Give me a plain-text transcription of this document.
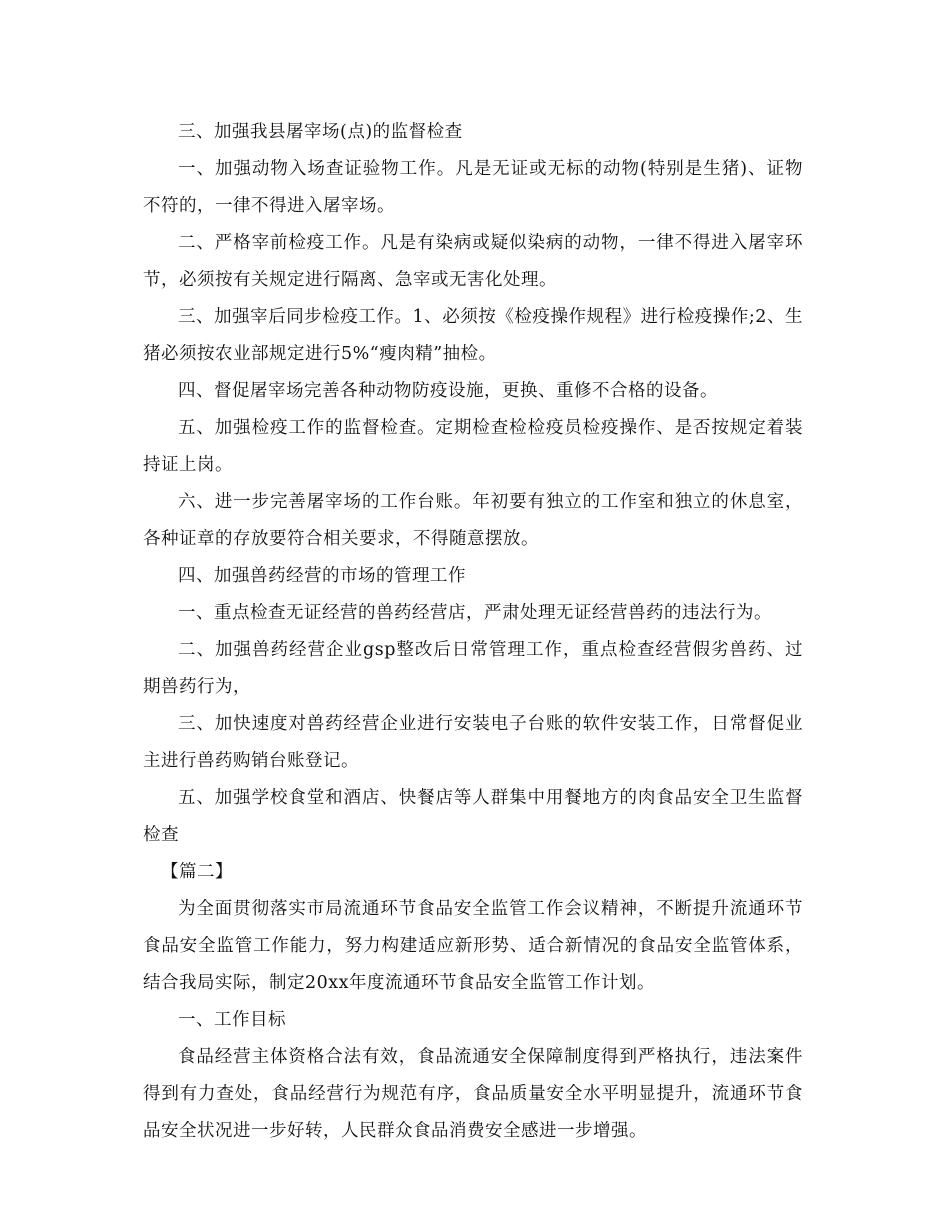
三、加强我县屠宰场(点)的监督检查

一、加强动物入场查证验物工作。凡是无证或无标的动物(特别是生猪)、证物不符的，一律不得进入屠宰场。

二、严格宰前检疫工作。凡是有染病或疑似染病的动物，一律不得进入屠宰环节，必须按有关规定进行隔离、急宰或无害化处理。

三、加强宰后同步检疫工作。1、必须按《检疫操作规程》进行检疫操作;2、生猪必须按农业部规定进行5%“瘦肉精”抽检。

四、督促屠宰场完善各种动物防疫设施，更换、重修不合格的设备。

五、加强检疫工作的监督检查。定期检查检检疫员检疫操作、是否按规定着装持证上岗。

六、进一步完善屠宰场的工作台账。年初要有独立的工作室和独立的休息室，各种证章的存放要符合相关要求，不得随意摆放。

四、加强兽药经营的市场的管理工作

一、重点检查无证经营的兽药经营店，严肃处理无证经营兽药的违法行为。

二、加强兽药经营企业gsp整改后日常管理工作，重点检查经营假劣兽药、过期兽药行为，

三、加快速度对兽药经营企业进行安装电子台账的软件安装工作，日常督促业主进行兽药购销台账登记。

五、加强学校食堂和酒店、快餐店等人群集中用餐地方的肉食品安全卫生监督检查

【篇二】

为全面贯彻落实市局流通环节食品安全监管工作会议精神，不断提升流通环节食品安全监管工作能力，努力构建适应新形势、适合新情况的食品安全监管体系，结合我局实际，制定20xx年度流通环节食品安全监管工作计划。

一、工作目标

食品经营主体资格合法有效，食品流通安全保障制度得到严格执行，违法案件得到有力查处，食品经营行为规范有序，食品质量安全水平明显提升，流通环节食品安全状况进一步好转，人民群众食品消费安全感进一步增强。
